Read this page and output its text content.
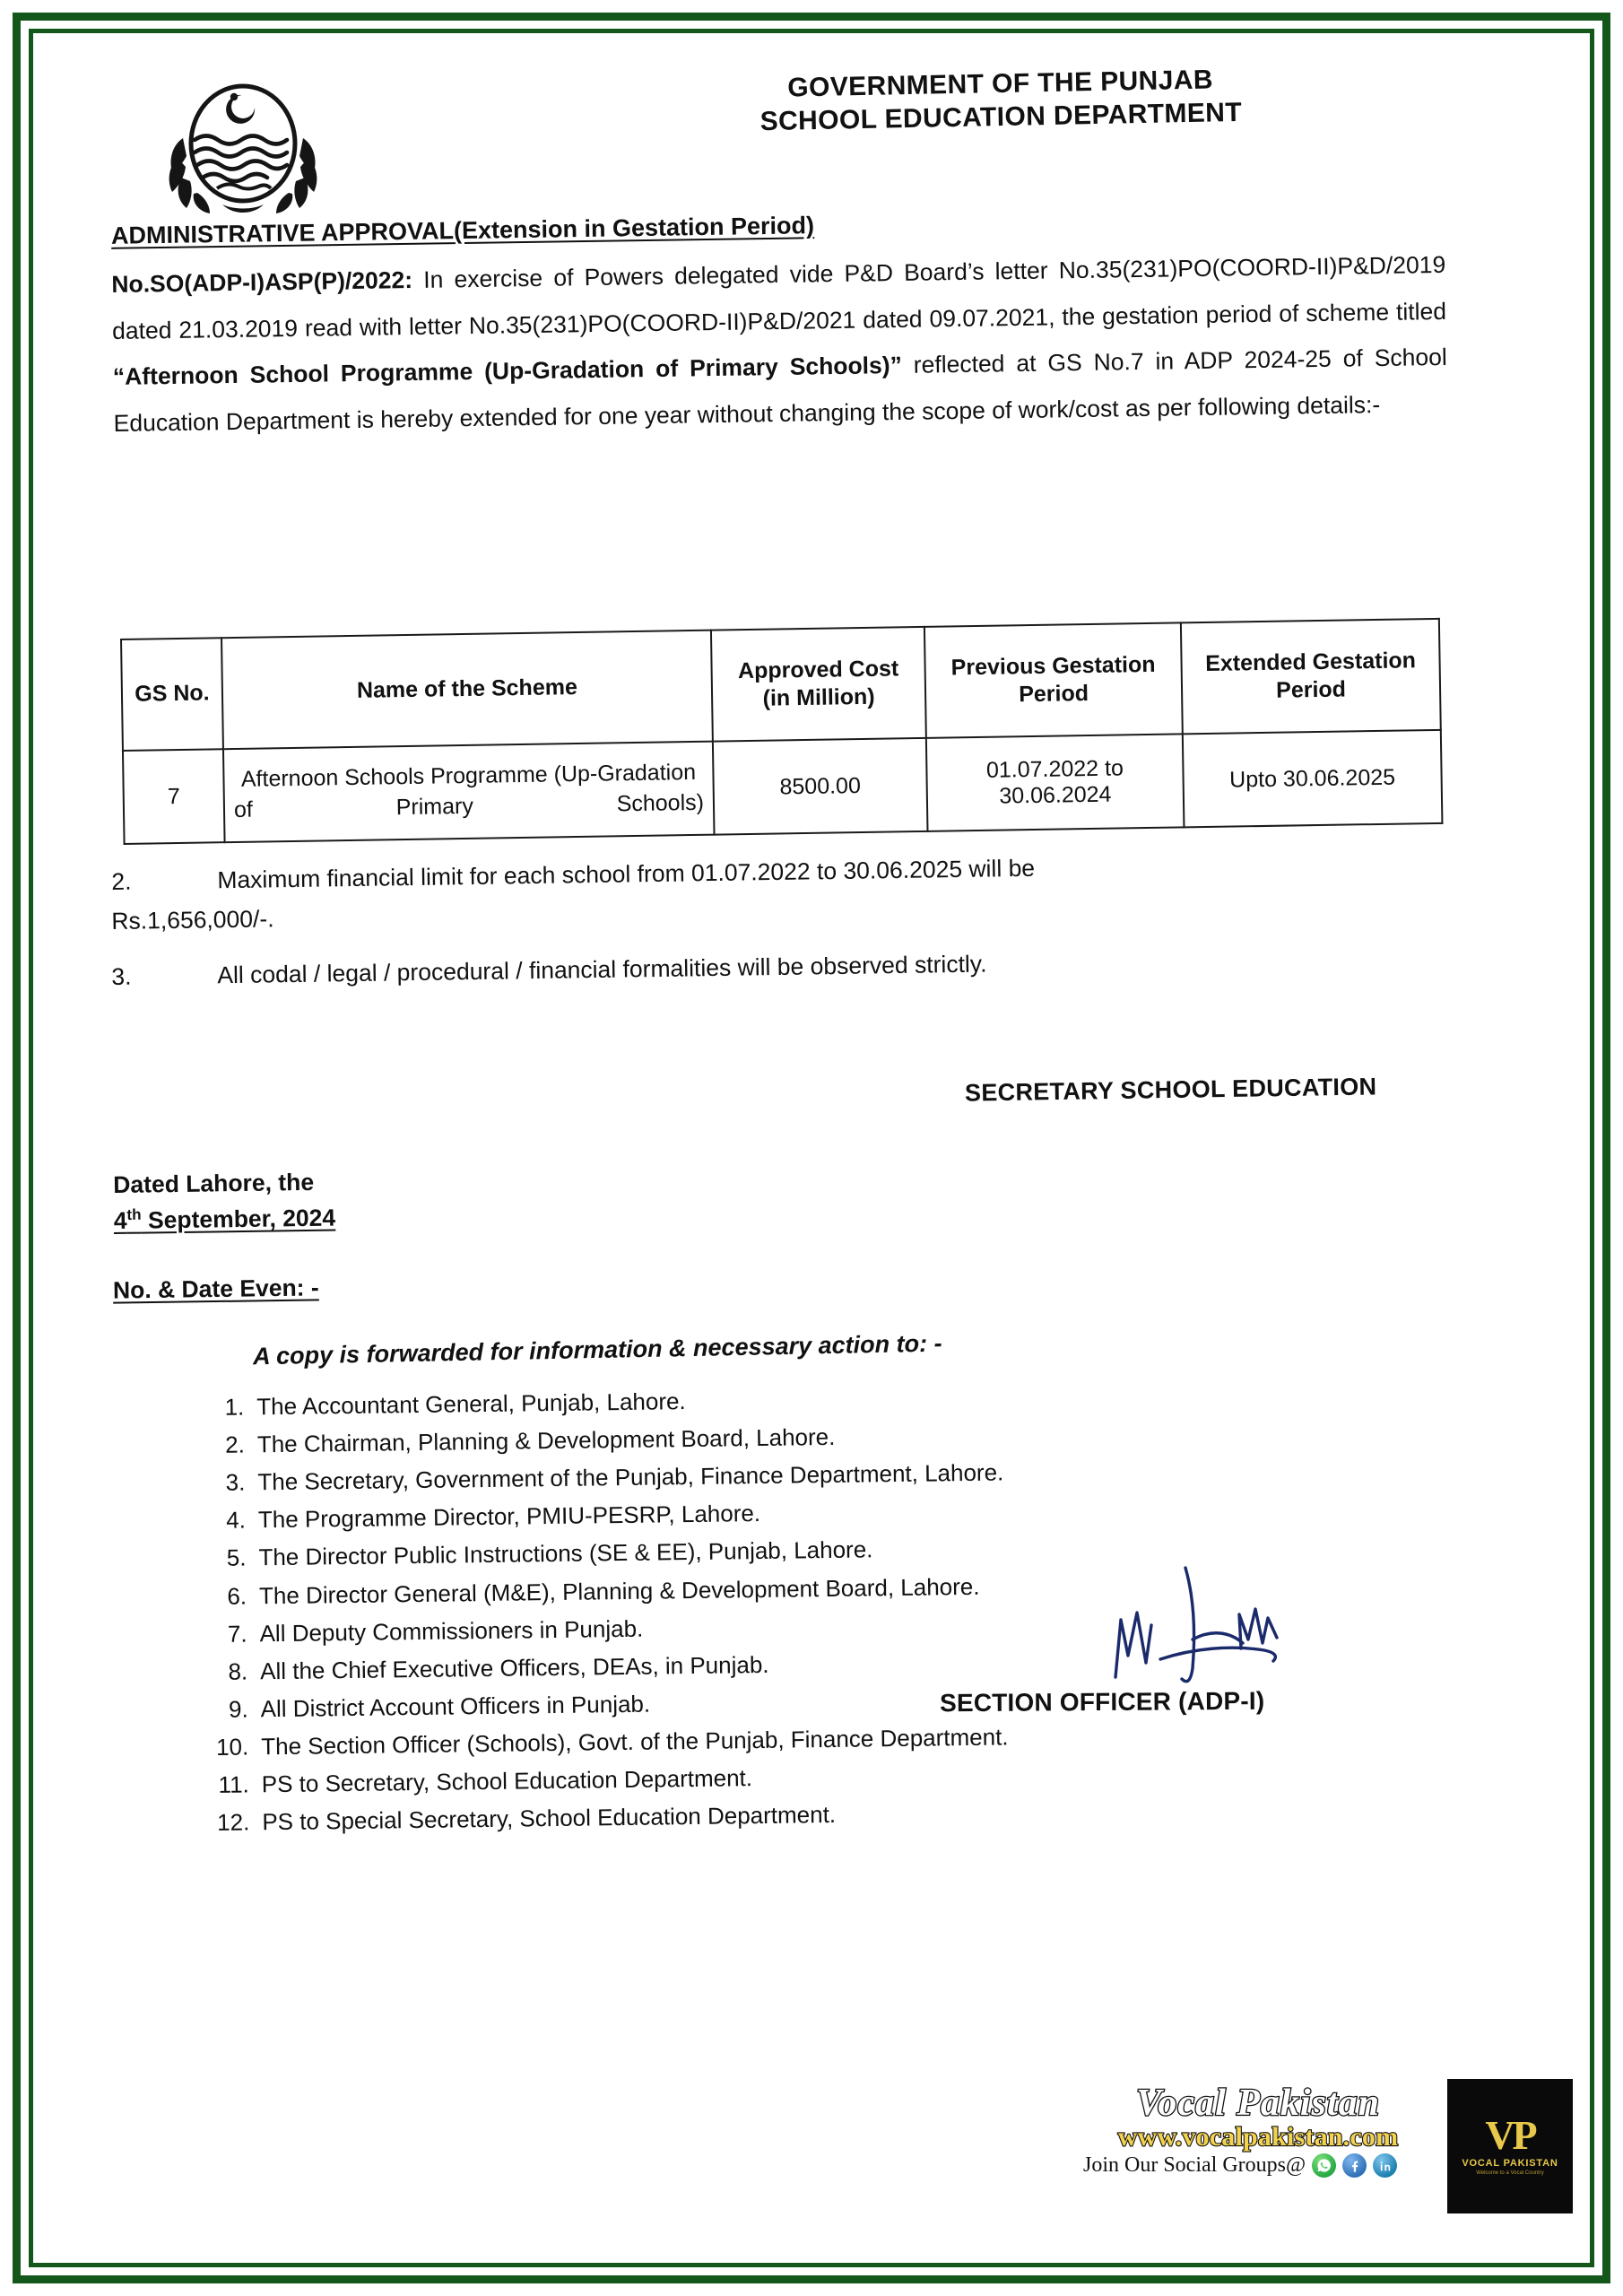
GOVERNMENT OF THE PUNJAB
SCHOOL EDUCATION DEPARTMENT
ADMINISTRATIVE APPROVAL(Extension in Gestation Period)
No.SO(ADP-I)ASP(P)/2022: In exercise of Powers delegated vide P&D Board’s letter No.35(231)PO(COORD-II)P&D/2019 dated 21.03.2019 read with letter No.35(231)PO(COORD-II)P&D/2021 dated 09.07.2021, the gestation period of scheme titled “Afternoon School Programme (Up-Gradation of Primary Schools)” reflected at GS No.7 in ADP 2024-25 of School Education Department is hereby extended for one year without changing the scope of work/cost as per following details:-
GS No.	Name of the Scheme	Approved Cost (in Million)	Previous Gestation Period	Extended Gestation Period
7	Afternoon Schools Programme (Up-Gradation of Primary Schools)	8500.00	01.07.2022 to 30.06.2024	Upto 30.06.2025
2.	Maximum financial limit for each school from 01.07.2022 to 30.06.2025 will be
Rs.1,656,000/-.
3.	All codal / legal / procedural / financial formalities will be observed strictly.
SECRETARY SCHOOL EDUCATION
Dated Lahore, the
4th September, 2024
No. & Date Even: -
A copy is forwarded for information & necessary action to: -
1. The Accountant General, Punjab, Lahore.
2. The Chairman, Planning & Development Board, Lahore.
3. The Secretary, Government of the Punjab, Finance Department, Lahore.
4. The Programme Director, PMIU-PESRP, Lahore.
5. The Director Public Instructions (SE & EE), Punjab, Lahore.
6. The Director General (M&E), Planning & Development Board, Lahore.
7. All Deputy Commissioners in Punjab.
8. All the Chief Executive Officers, DEAs, in Punjab.
9. All District Account Officers in Punjab.
10. The Section Officer (Schools), Govt. of the Punjab, Finance Department.
11. PS to Secretary, School Education Department.
12. PS to Special Secretary, School Education Department.
SECTION OFFICER (ADP-I)
Vocal Pakistan
www.vocalpakistan.com
Join Our Social Groups@
VP
VOCAL PAKISTAN
Welcome to a Vocal Country
